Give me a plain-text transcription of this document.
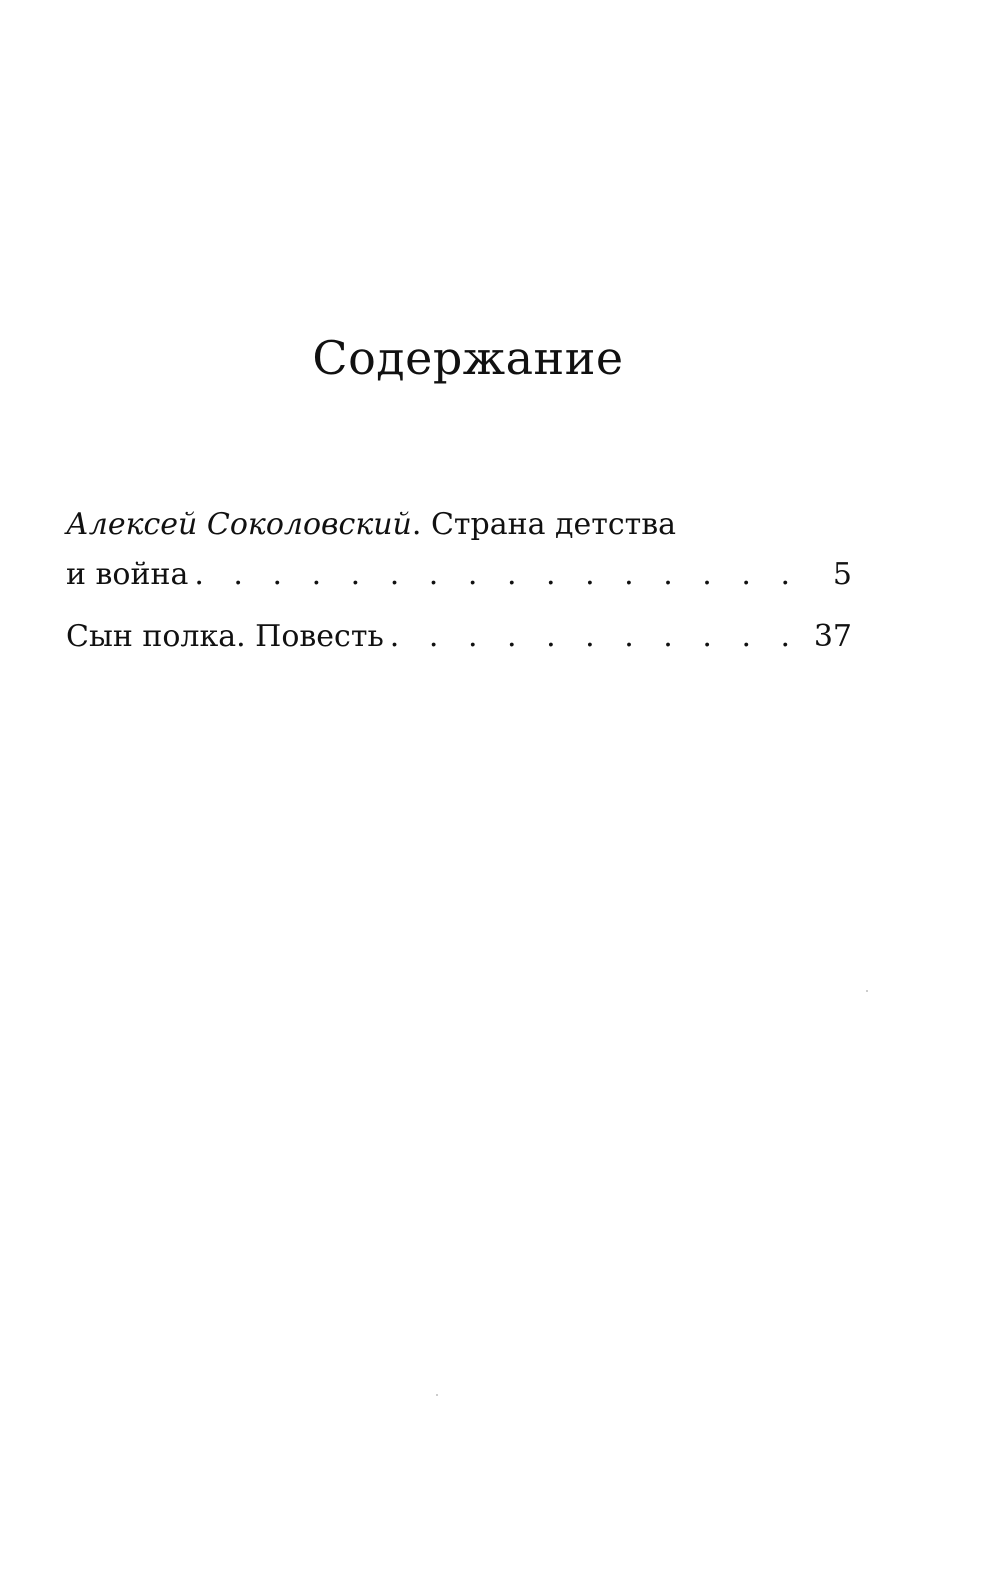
Содержание
Алексей Соколовский . Страна детства
и война . . .	5
Сын полка. Повесть . . .	37
